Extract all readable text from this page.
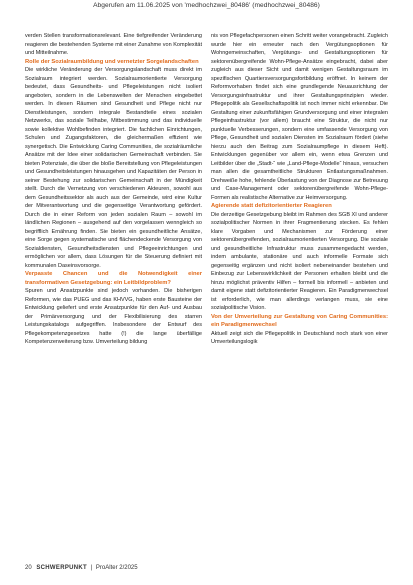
Abgerufen am 11.06.2025 von 'medhochzwei_80486' (medhochzwei_80486)

verden Stellen transformationsrelevant. Eine tiefgreifender Veränderung reagieren die bestehenden Systeme mit einer Zunahme von Komplexität und Mitteilnahme.

Rolle der Sozialraumbildung und vernetzter Sorgelandschaften

Die wirkliche Veränderung der Versorgungslandschaft muss direkt im Sozialraum integriert werden. Sozialraumorientierte Versorgung bedeutet, dass Gesundheits- und Pflegeleistungen nicht isoliert angeboten, sondern in die Lebenswelten der Menschen eingebettet werden. In diesen Räumen sind Gesundheit und Pflege nicht nur Dienstleistungen, sondern integrale Bestandteile eines sozialen Netzwerks, das soziale Teilhabe, Mitbestimmung und das individuelle sowie kollektive Wohlbefinden integriert. Die fachlichen Einrichtungen, Schulen und Zugangsfaktoren, die gleichermaßen effizient wie synergetisch. Die Entwicklung Caring Communities, die sozialräumliche Ansätze mit der Idee einer solidarischen Gemeinschaft verbinden. Sie bieten Potenziale, die über die bloße Bereitstellung von Pflegeleistungen und Gesundheitsleistungen hinausgehen und Kapazitäten der Person in seiner Bestehung zur solidarischen Gemeinschaft in der Mündigkeit stellt. Durch die Vernetzung von verschiedenen Akteuren, sowohl aus dem Gesundheitssektor als auch aus der Gemeinde, wird eine Kultur der Mitverantwortung und die gegenseitige Verantwortung gefördert. Durch die in einer Reform von jeden sozialen Raum – sowohl im ländlichen Regionen – ausgehend auf den vorgelassen wenngleich so begrifflich Ernährung finden. Sie bieten ein gesundheitliche Ansätze, eine Sorge gegen systematische und flächendeckende Versorgung von Sozialdiensten, Gesundheitsdiensten und Pflegeeinrichtungen und ermöglichen vor allem, dass Lösungen für die Steuerung definiert mit kommunalen Daseinsvorsorge.

Verpasste Chancen und die Notwendigkeit einer transformativen Gesetzgebung: ein Leitbildproblem?

Spuren und Ansatzpunkte sind jedoch vorhanden. Die bisherigen Reformen, wie das PUEG und das KHVVG, haben erste Bausteine der Entwicklung geliefert und erste Ansatzpunkte für den Auf- und Ausbau der Primärversorgung und der Flexibilisierung des starren Leistungskatalogs aufgegriffen. Insbesondere der Entwurf des Pflegekompetenzgesetzes hatte (!) die lange überfällige Kompetenzerweiterung bzw. Umverteilung bildung

nis von Pflegefachpersonen einen Schritt weiter vorangebracht. Zugleich wurde hier ein erneuter nach den Vergütungsoptionen für Wohngemeinschaften, Vergütungs- und Gestaltungsoptionen für sektorenübergreifende Wohn-Pflege-Ansätze eingebracht, dabei aber zugleich aus dieser Sicht und damit wenigen Gestaltungsraum im spezifischen Quartiersversorgungsfortbildung eröffnet. In keinem der Reformvorhaben findet sich eine grundlegende Neuausrichtung der Versorgungsinfrastruktur und ihrer Gestaltungsprinzipien wieder. Pflegepolitik als Gesellschaftspolitik ist noch immer nicht erkennbar. Die Gestaltung einer zukunftsfähigen Grundversorgung und einer integralen Pflegeinfrastruktur (vor allem) braucht eine Struktur, die nicht nur punktuelle Verbesserungen, sondern eine umfassende Versorgung von Pflege, Gesundheit und sozialen Diensten im Sozialraum fördert (siehe hierzu auch den Beitrag zum Sozialraumpflege in diesem Heft). Entwicklungen gegenüber vor allem ein, wenn etwa Grenzen und Leitbilder über die „Stadt-“ wie „Land-Pflege-Modelle“ hinaus, versuchen man allen die gesamtheitliche Strukturen Entlastungsmaßnahmen. Drehweiße hohe, fehlende Überlastung von der Diagnose zur Betreuung und Case-Management oder sektorenübergreifende Wohn-Pflege-Formen als realistische Alternative zur Heimversorgung.

Agierende statt defizitorientierter Reagieren

Die derzeitige Gesetzgebung bleibt im Rahmen des SGB XI und anderer sozialpolitischer Normen in ihrer Fragmentierung stecken. Es fehlen klare Vorgaben und Mechanismen zur Förderung einer sektorenübergreifenden, sozialraumorientierten Versorgung. Die soziale und gesundheitliche Infrastruktur muss zusammengedacht werden, indem ambulante, stationäre und auch informelle Formate sich gegenseitig ergänzen und nicht isoliert nebeneinander bestehen und Einbezug zur Lebenswirklichkeit der Personen erhalten bleibt und die hinzu möglichst präventiv Hilfen – formell bis informell – anbieten und damit eigene statt defizitorientierter Reagieren. Ein Paradigmenwechsel ist erforderlich, wie man allerdings verlangen muss, sie eine sozialpolitische Vision.

Von der Umverteilung zur Gestaltung von Caring Communities: ein Paradigmenwechsel

Aktuell zeigt sich die Pflegepolitik in Deutschland noch stark von einer Umverteilungslogik

20 SCHWERPUNKT | ProAlter 2/2025
